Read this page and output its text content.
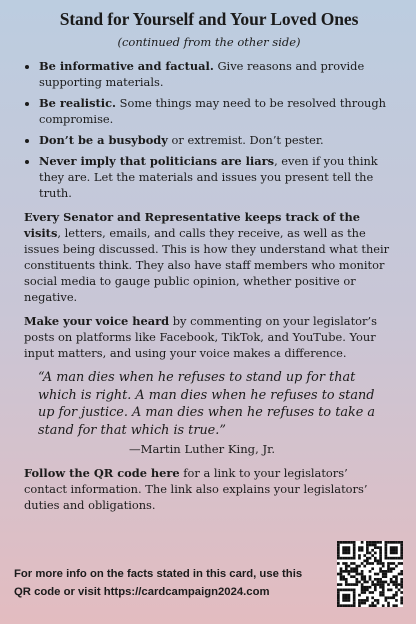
Stand for Yourself and Your Loved Ones
(continued from the other side)
• Be informative and factual. Give reasons and provide supporting materials.
• Be realistic. Some things may need to be resolved through compromise.
• Don’t be a busybody or extremist. Don’t pester.
• Never imply that politicians are liars, even if you think they are. Let the materials and issues you present tell the truth.

Every Senator and Representative keeps track of the visits, letters, emails, and calls they receive, as well as the issues being discussed. This is how they understand what their constituents think. They also have staff members who monitor social media to gauge public opinion, whether positive or negative.

Make your voice heard by commenting on your legislator’s posts on platforms like Facebook, TikTok, and YouTube. Your input matters, and using your voice makes a difference.

“A man dies when he refuses to stand up for that which is right. A man dies when he refuses to stand up for justice. A man dies when he refuses to take a stand for that which is true.”
—Martin Luther King, Jr.

Follow the QR code here for a link to your legislators’ contact information. The link also explains your legislators’ duties and obligations.

For more info on the facts stated in this card, use this
QR code or visit https://cardcampaign2024.com
